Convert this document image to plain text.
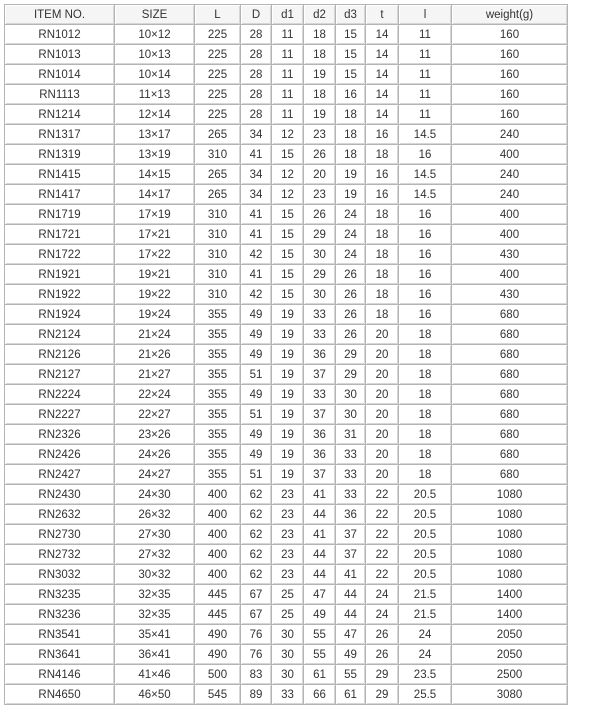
ITEM NO.	SIZE	L	D	d1	d2	d3	t	l	weight(g)
RN1012	10×12	225	28	11	18	15	14	11	160
RN1013	10×13	225	28	11	18	15	14	11	160
RN1014	10×14	225	28	11	19	15	14	11	160
RN1113	11×13	225	28	11	18	16	14	11	160
RN1214	12×14	225	28	11	19	18	14	11	160
RN1317	13×17	265	34	12	23	18	16	14.5	240
RN1319	13×19	310	41	15	26	18	18	16	400
RN1415	14×15	265	34	12	20	19	16	14.5	240
RN1417	14×17	265	34	12	23	19	16	14.5	240
RN1719	17×19	310	41	15	26	24	18	16	400
RN1721	17×21	310	41	15	29	24	18	16	400
RN1722	17×22	310	42	15	30	24	18	16	430
RN1921	19×21	310	41	15	29	26	18	16	400
RN1922	19×22	310	42	15	30	26	18	16	430
RN1924	19×24	355	49	19	33	26	18	16	680
RN2124	21×24	355	49	19	33	26	20	18	680
RN2126	21×26	355	49	19	36	29	20	18	680
RN2127	21×27	355	51	19	37	29	20	18	680
RN2224	22×24	355	49	19	33	30	20	18	680
RN2227	22×27	355	51	19	37	30	20	18	680
RN2326	23×26	355	49	19	36	31	20	18	680
RN2426	24×26	355	49	19	36	33	20	18	680
RN2427	24×27	355	51	19	37	33	20	18	680
RN2430	24×30	400	62	23	41	33	22	20.5	1080
RN2632	26×32	400	62	23	44	36	22	20.5	1080
RN2730	27×30	400	62	23	41	37	22	20.5	1080
RN2732	27×32	400	62	23	44	37	22	20.5	1080
RN3032	30×32	400	62	23	44	41	22	20.5	1080
RN3235	32×35	445	67	25	47	44	24	21.5	1400
RN3236	32×35	445	67	25	49	44	24	21.5	1400
RN3541	35×41	490	76	30	55	47	26	24	2050
RN3641	36×41	490	76	30	55	49	26	24	2050
RN4146	41×46	500	83	30	61	55	29	23.5	2500
RN4650	46×50	545	89	33	66	61	29	25.5	3080
